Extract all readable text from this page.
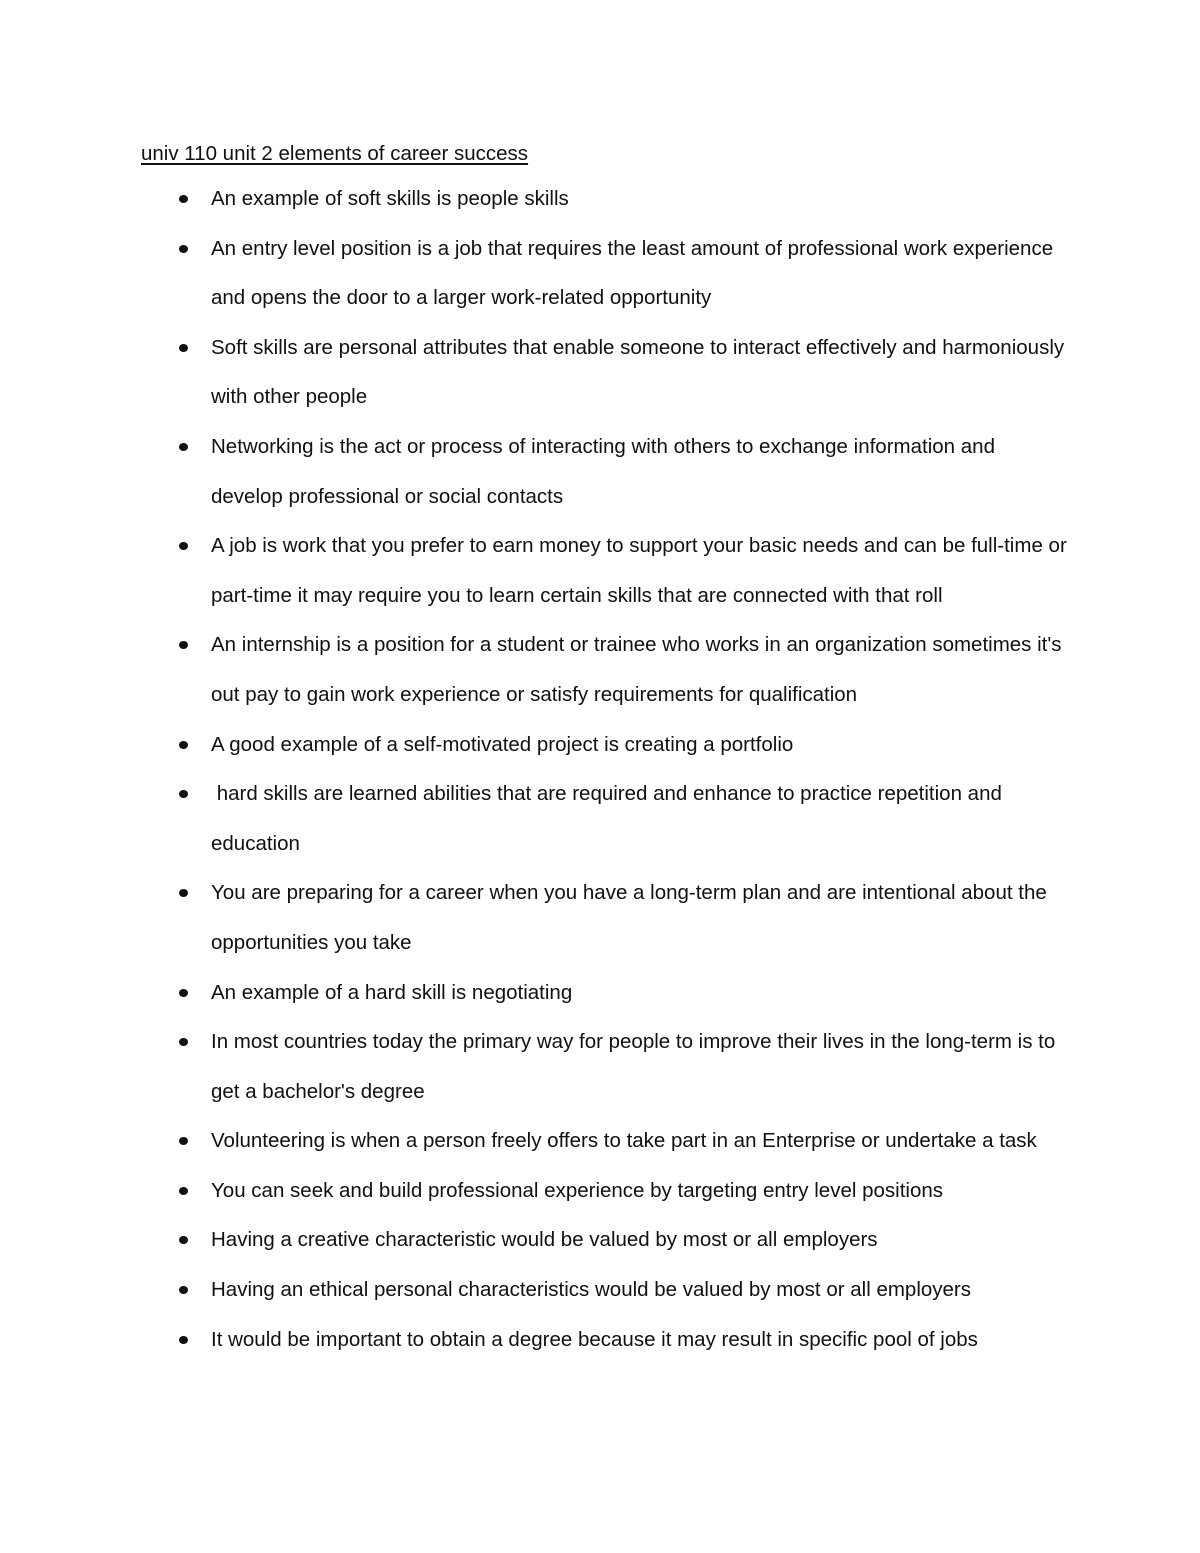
univ 110 unit 2 elements of career success
An example of soft skills is people skills
An entry level position is a job that requires the least amount of professional work experience and opens the door to a larger work-related opportunity
Soft skills are personal attributes that enable someone to interact effectively and harmoniously with other people
Networking is the act or process of interacting with others to exchange information and develop professional or social contacts
A job is work that you prefer to earn money to support your basic needs and can be full-time or part-time it may require you to learn certain skills that are connected with that roll
An internship is a position for a student or trainee who works in an organization sometimes it's out pay to gain work experience or satisfy requirements for qualification
A good example of a self-motivated project is creating a portfolio
hard skills are learned abilities that are required and enhance to practice repetition and education
You are preparing for a career when you have a long-term plan and are intentional about the opportunities you take
An example of a hard skill is negotiating
In most countries today the primary way for people to improve their lives in the long-term is to get a bachelor's degree
Volunteering is when a person freely offers to take part in an Enterprise or undertake a task
You can seek and build professional experience by targeting entry level positions
Having a creative characteristic would be valued by most or all employers
Having an ethical personal characteristics would be valued by most or all employers
It would be important to obtain a degree because it may result in specific pool of jobs
